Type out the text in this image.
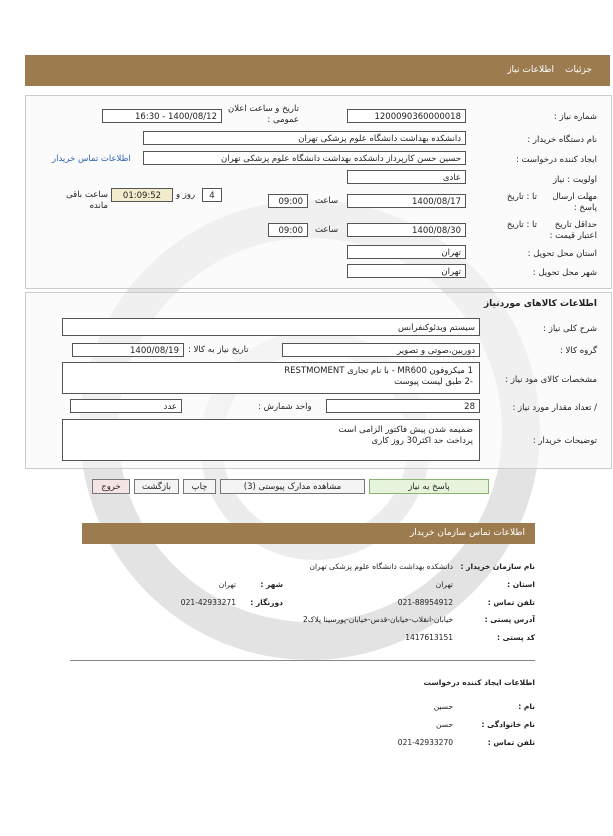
جزئیات
اطلاعات نیاز
شماره نیاز :
1200090360000018
تاریخ و ساعت اعلان عمومی :
1400/08/12 - 16:30
نام دستگاه خریدار :
دانشکده بهداشت دانشگاه علوم پزشکی تهران
ایجاد کننده درخواست :
حسین حسن کارپرداز دانشکده بهداشت دانشگاه علوم پزشکی تهران
اطلاعات تماس خریدار
اولویت : نیاز
عادی
مهلت ارسال پاسخ :
تا : تاریخ
1400/08/17
ساعت
09:00
4
روز و
01:09:52
ساعت باقی مانده
حداقل تاریخ اعتبار قیمت :
تا : تاریخ
1400/08/30
ساعت
09:00
استان محل تحویل :
تهران
شهر محل تحویل :
تهران
اطلاعات کالاهای موردنیاز
شرح کلی نیاز :
سیستم ویدئوکنفرانس
گروه کالا :
دوربین،صوتی و تصویر
تاریخ نیاز به کالا :
1400/08/19
مشخصات کالای مود نیاز :
1 میکروفون MR600 - با نام تجاری RESTMOMENT
-2 طبق لیست پیوست
/ تعداد مقدار مورد نیاز :
28
واحد شمارش :
عدد
توضیحات خریدار :
ضمیمه شدن پیش فاکتور الزامی است
پرداخت حد اکثر30 روز کاری
پاسخ به نیاز
مشاهده مدارک پیوستی (3)
چاپ
بازگشت
خروج
اطلاعات تماس سازمان خریدار
نام سازمان خریدار :
دانشکده بهداشت دانشگاه علوم پزشکی تهران
استان :
تهران
شهر :
تهران
تلفن تماس :
021-88954912
دورنگار :
021-42933271
آدرس پستی :
خیابان-انقلاب-خیابان-قدس-خیابان-پورسینا پلاک2
کد پستی :
1417613151
اطلاعات ایجاد کننده درخواست
نام :
حسین
نام خانوادگی :
حسن
تلفن تماس :
021-42933270
